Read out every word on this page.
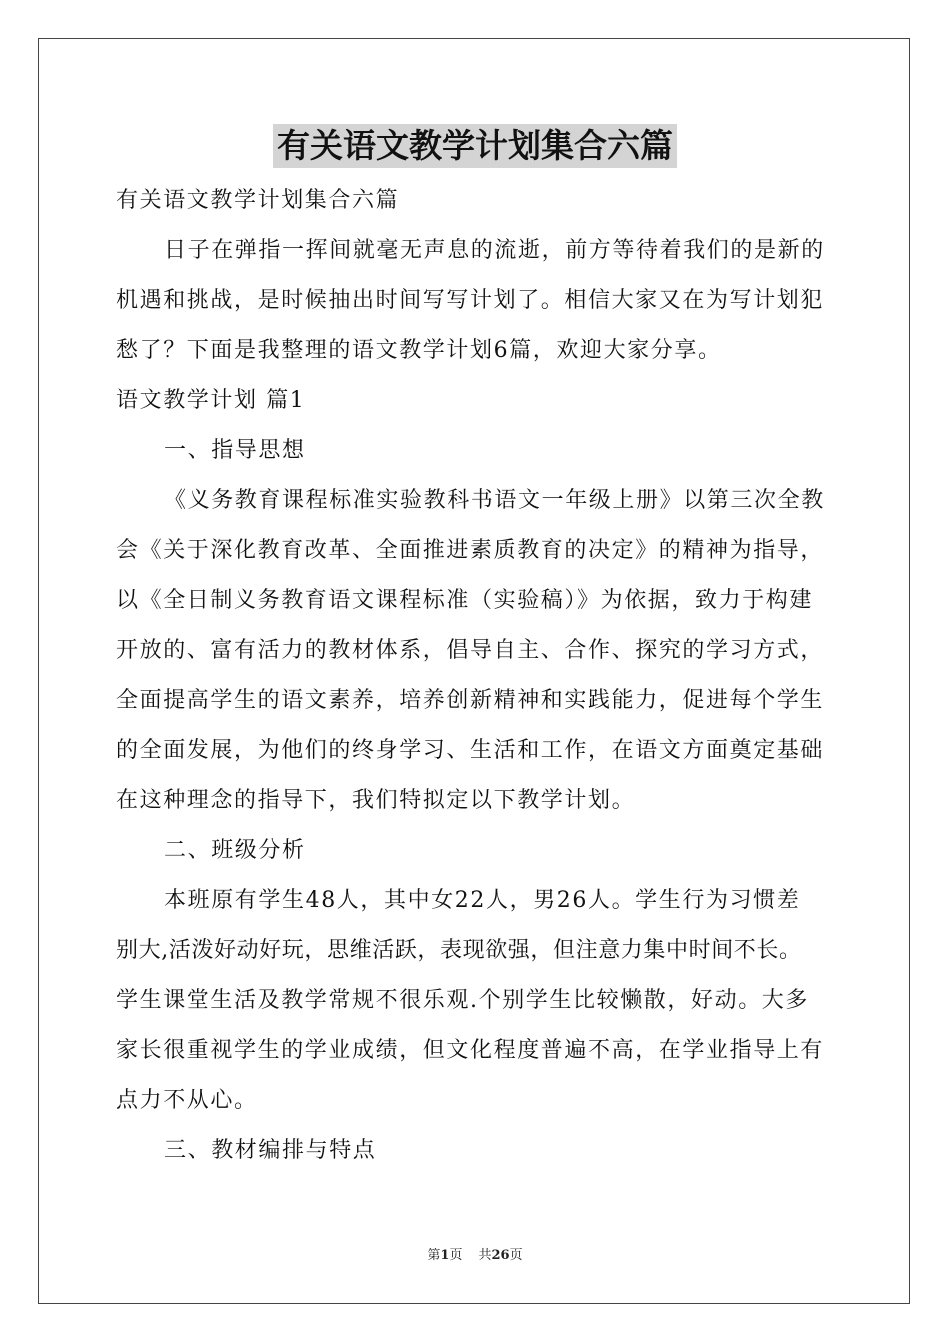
有关语文教学计划集合六篇
有关语文教学计划集合六篇
日子在弹指一挥间就毫无声息的流逝，前方等待着我们的是新的
机遇和挑战，是时候抽出时间写写计划了。相信大家又在为写计划犯
愁了？下面是我整理的语文教学计划6篇，欢迎大家分享。
语文教学计划 篇1
一、指导思想
《义务教育课程标准实验教科书语文一年级上册》以第三次全教
会《关于深化教育改革、全面推进素质教育的决定》的精神为指导，
以《全日制义务教育语文课程标准（实验稿）》为依据，致力于构建
开放的、富有活力的教材体系，倡导自主、合作、探究的学习方式，
全面提高学生的语文素养，培养创新精神和实践能力，促进每个学生
的全面发展，为他们的终身学习、生活和工作，在语文方面奠定基础
在这种理念的指导下，我们特拟定以下教学计划。
二、班级分析
本班原有学生48人，其中女22人，男26人。学生行为习惯差
别大,活泼好动好玩，思维活跃，表现欲强，但注意力集中时间不长。
学生课堂生活及教学常规不很乐观.个别学生比较懒散，好动。大多
家长很重视学生的学业成绩，但文化程度普遍不高，在学业指导上有
点力不从心。
三、教材编排与特点
第1页 共26页
